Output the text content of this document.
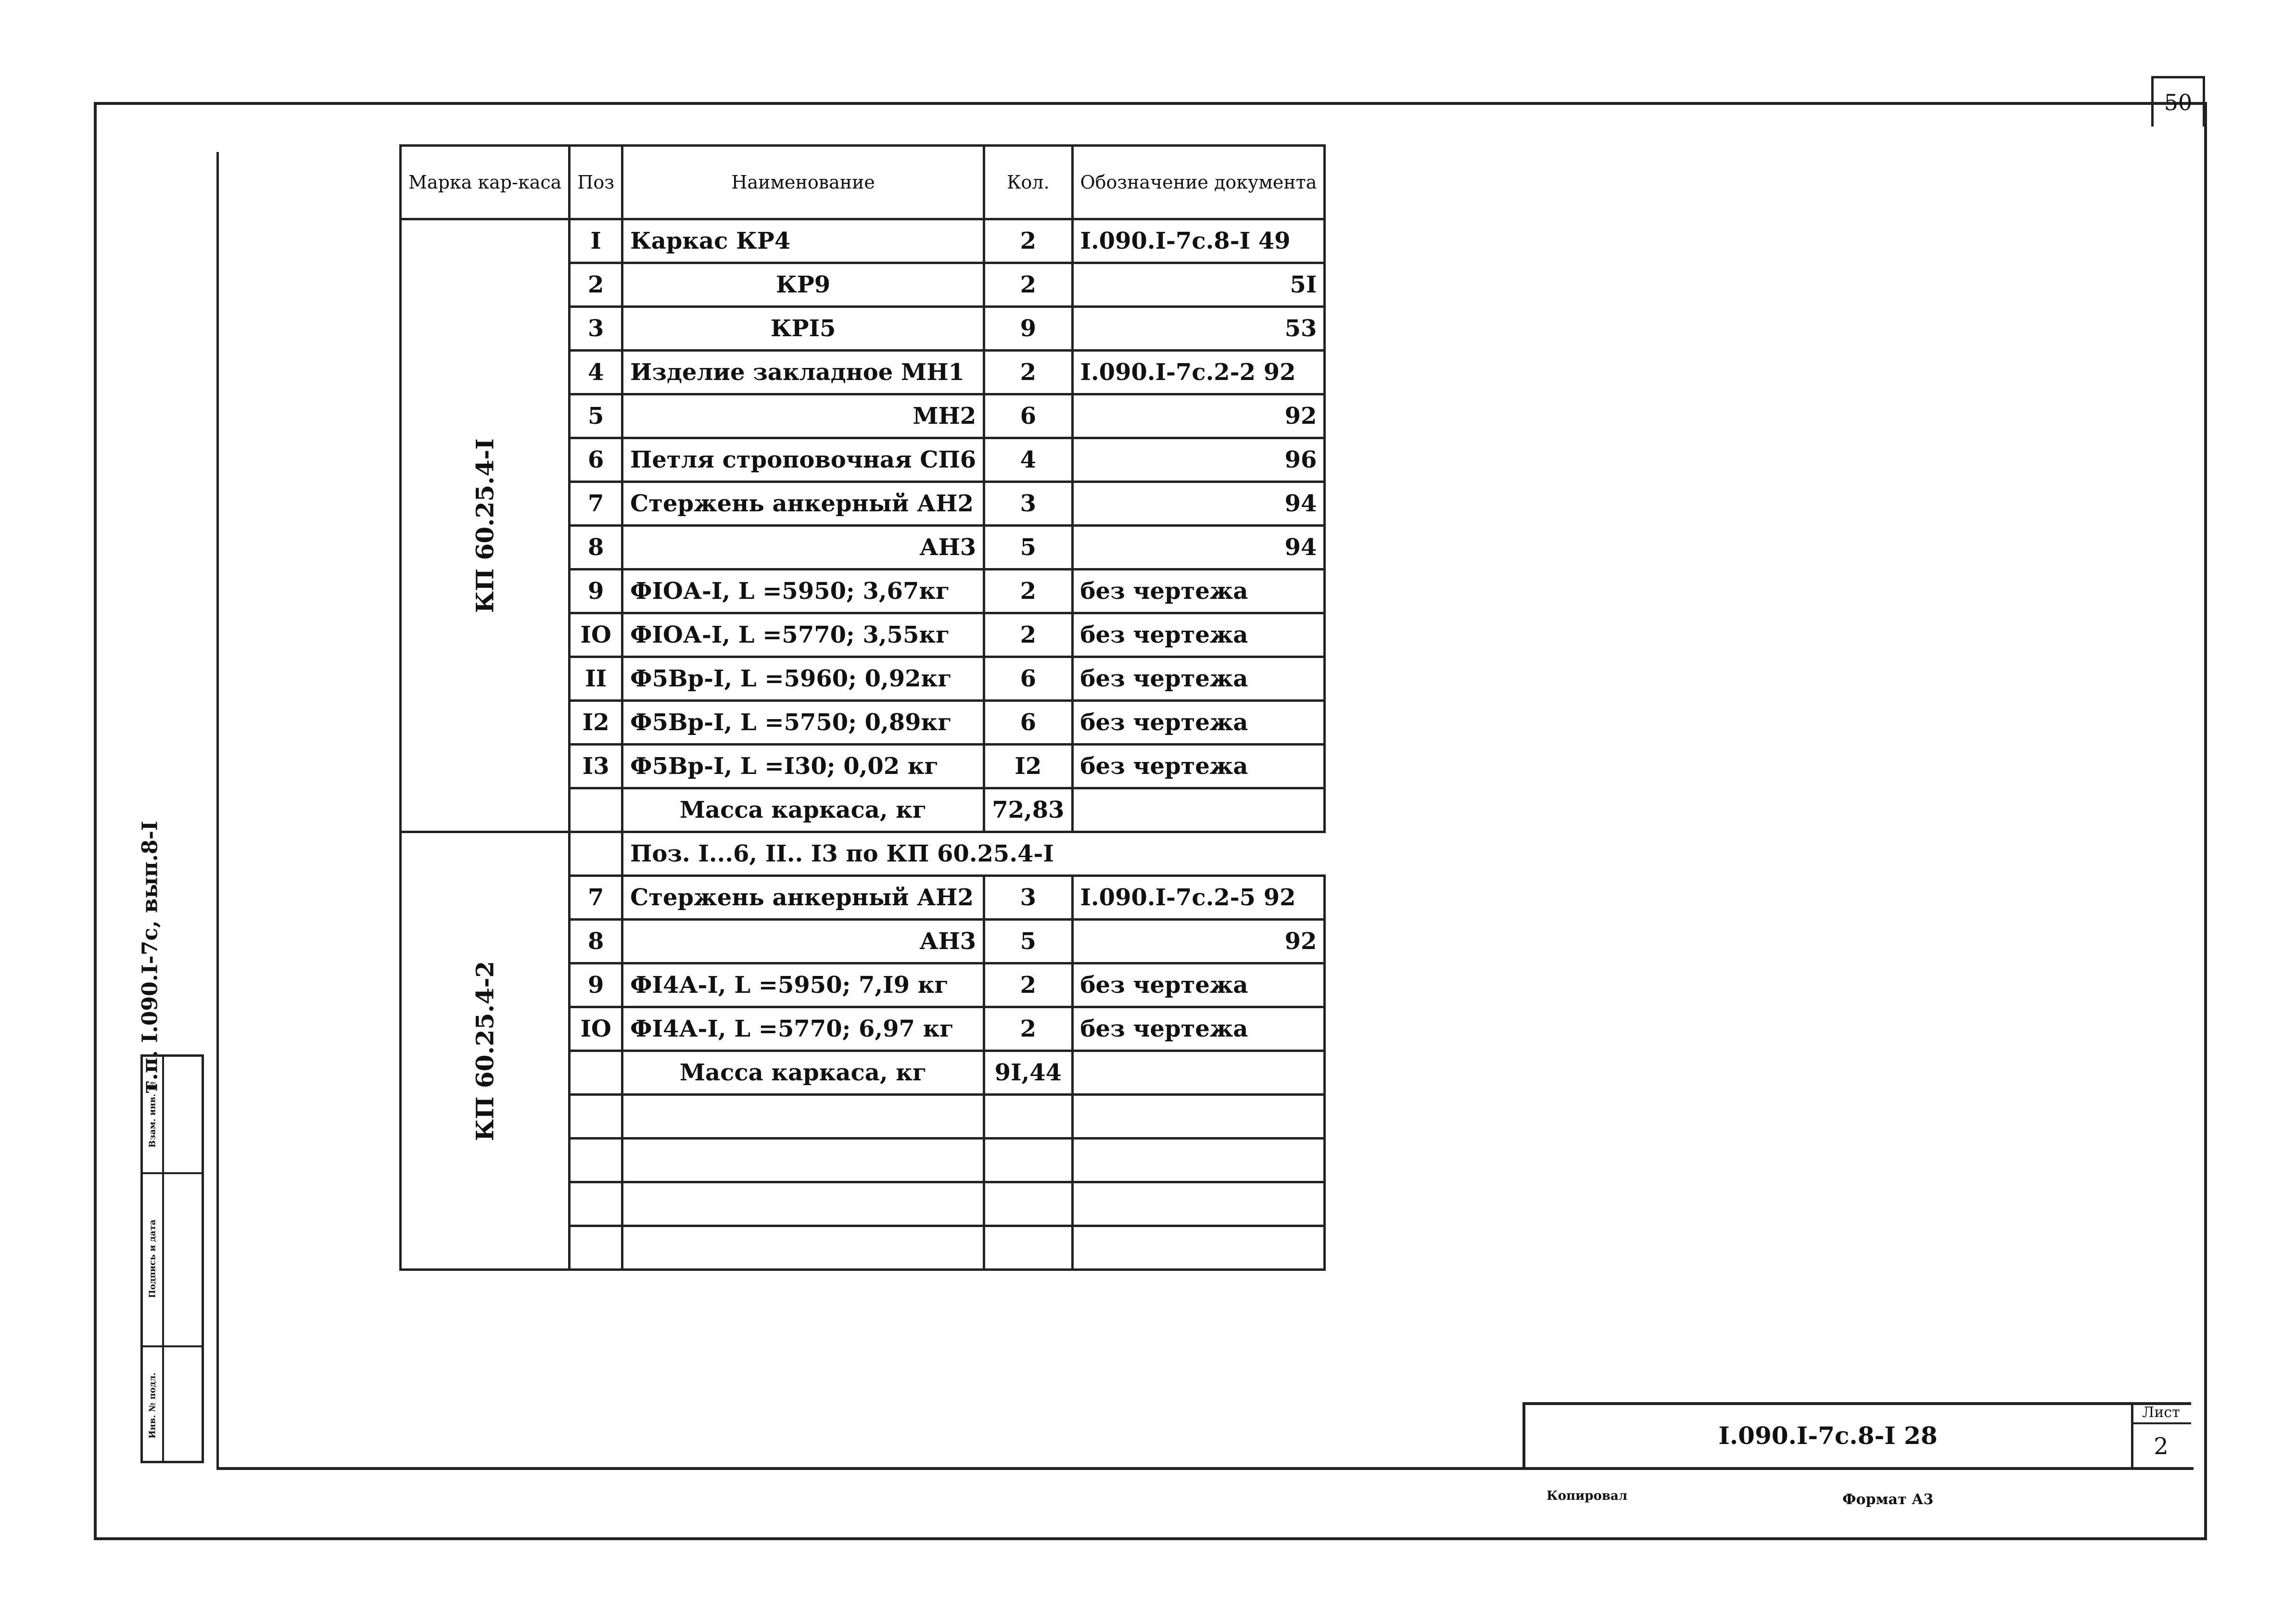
50
т.п. I.090.I-7с, вып.8-I
Взам. инв. №
Подпись и дата
Инв. № подл.
Марка кар-каса	Поз	Наименование	Кол.	Обозначение документа

КП 60.25.4-I	I	Каркас КР4	2	I.090.I-7с.8-I 49
	2	КР9	2	5I
	3	КРI5	9	53
	4	Изделие закладное МН1	2	I.090.I-7с.2-2 92
	5	МН2	6	92
	6	Петля строповочная СП6	4	96
	7	Стержень анкерный АН2	3	94
	8	АН3	5	94
	9	ФIОА-I, L =5950; 3,67кг	2	без чертежа
	IО	ФIОА-I, L =5770; 3,55кг	2	без чертежа
	II	Ф5Вр-I, L =5960; 0,92кг	6	без чертежа
	I2	Ф5Вр-I, L =5750; 0,89кг	6	без чертежа
	I3	Ф5Вр-I, L =I30; 0,02 кг	I2	без чертежа
		Масса каркаса, кг	72,83	

КП 60.25.4-2		Поз. I...6, II.. I3 по КП 60.25.4-I		
	7	Стержень анкерный АН2	3	I.090.I-7с.2-5 92
	8	АН3	5	92
	9	ФI4А-I, L =5950; 7,I9 кг	2	без чертежа
	IО	ФI4А-I, L =5770; 6,97 кг	2	без чертежа
		Масса каркаса, кг	9I,44	

I.090.I-7с.8-I 28
Лист
2
Копировал	Формат А3
